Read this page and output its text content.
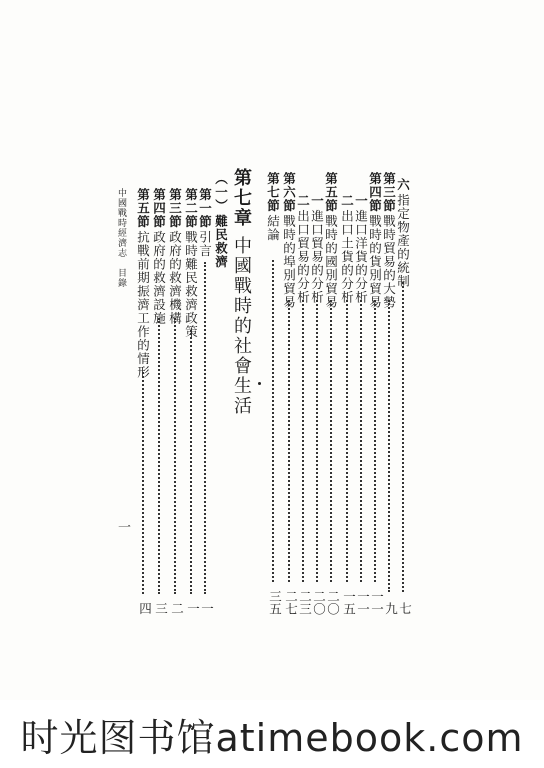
中國戰時經濟志
目錄
一
六指定物產的統制
七
第三節戰時貿易的大勢
九
第四節戰時的貨別貿易
一一
一進口洋貨的分析
一一
二出口土貨的分析
一五
第五節戰時的國別貿易
二〇
一進口貿易的分析
二〇
二出口貿易的分析
二三
第六節戰時的埠別貿易
二七
第七節結論
三五
第七章中國戰時的社會生活
（一）難民救濟
第一節引言
一
第二節戰時難民救濟政策
一
第三節政府的救濟機構
二
第四節政府的救濟設施
三
第五節抗戰前期振濟工作的情形
四
时光图书馆atimebook.com
